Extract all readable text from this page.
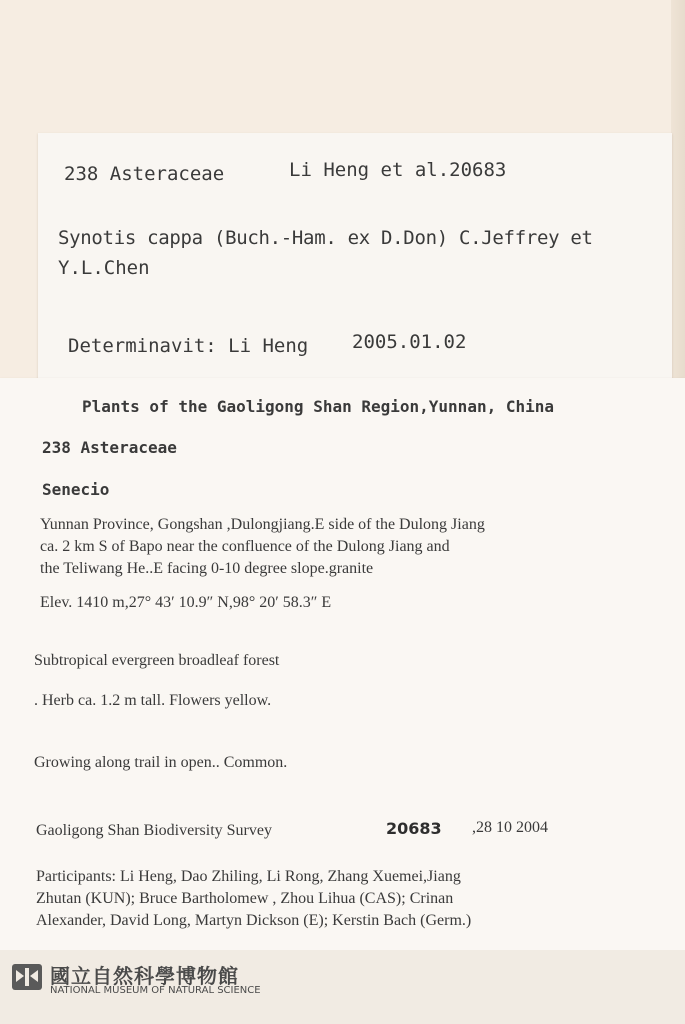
238 Asteraceae	Li Heng et al.20683
Synotis cappa (Buch.-Ham. ex D.Don) C.Jeffrey et
Y.L.Chen
Determinavit: Li Heng 2005.01.02
Plants of the Gaoligong Shan Region,Yunnan, China
238 Asteraceae
Senecio
Yunnan Province, Gongshan ,Dulongjiang.E side of the Dulong Jiang
ca. 2 km S of Bapo near the confluence of the Dulong Jiang and
the Teliwang He..E facing 0-10 degree slope.granite
Elev. 1410 m,27° 43′ 10.9″ N,98° 20′ 58.3″ E
Subtropical evergreen broadleaf forest
. Herb ca. 1.2 m tall. Flowers yellow.
Growing along trail in open.. Common.
Gaoligong Shan Biodiversity Survey	20683 ,28 10 2004
Participants: Li Heng, Dao Zhiling, Li Rong, Zhang Xuemei,Jiang
Zhutan (KUN); Bruce Bartholomew , Zhou Lihua (CAS); Crinan
Alexander, David Long, Martyn Dickson (E); Kerstin Bach (Germ.)
國立自然科學博物館
NATIONAL MUSEUM OF NATURAL SCIENCE
